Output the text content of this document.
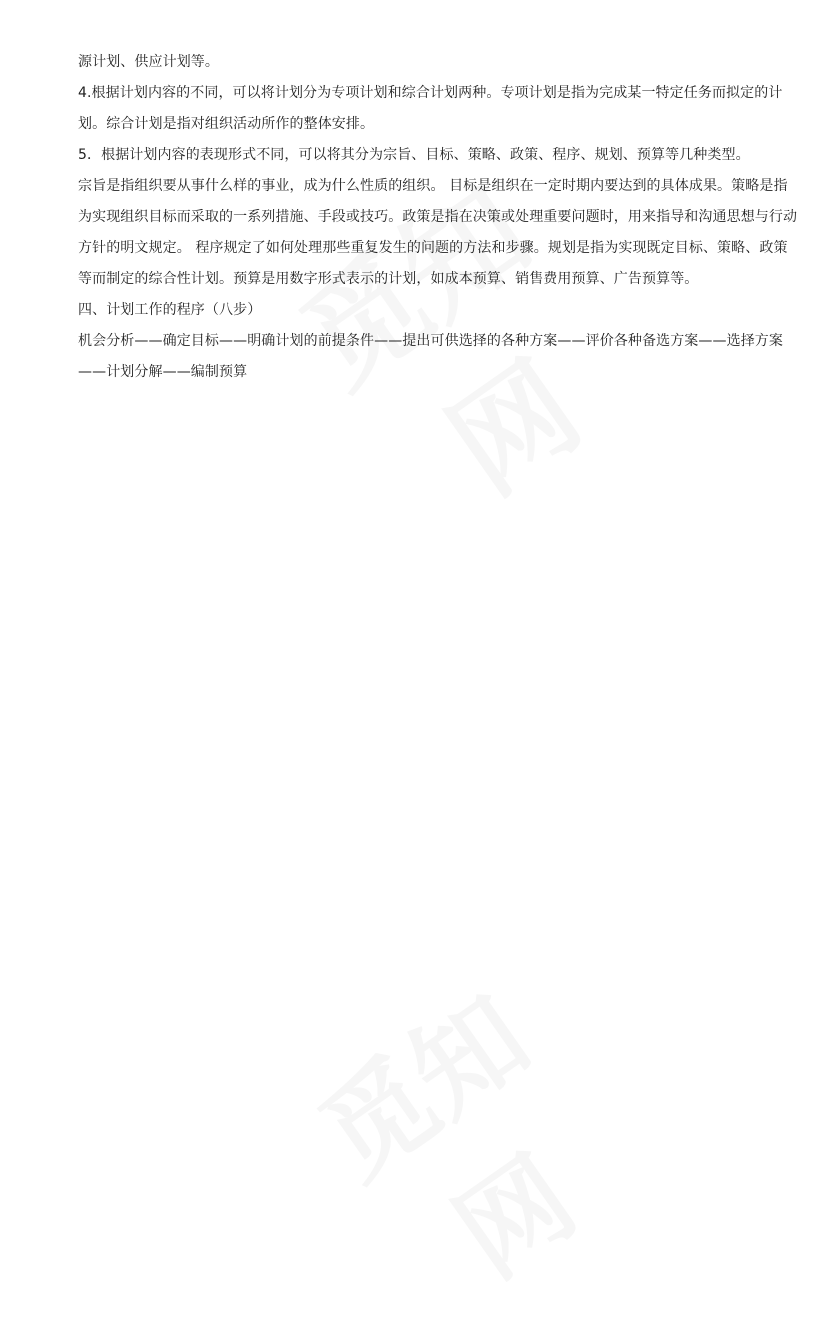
源计划、供应计划等。

4.根据计划内容的不同，可以将计划分为专项计划和综合计划两种。专项计划是指为完成某一特定任务而拟定的计划。综合计划是指对组织活动所作的整体安排。

5．根据计划内容的表现形式不同，可以将其分为宗旨、目标、策略、政策、程序、规划、预算等几种类型。

宗旨是指组织要从事什么样的事业，成为什么性质的组织。 目标是组织在一定时期内要达到的具体成果。策略是指为实现组织目标而采取的一系列措施、手段或技巧。政策是指在决策或处理重要问题时，用来指导和沟通思想与行动方针的明文规定。 程序规定了如何处理那些重复发生的问题的方法和步骤。规划是指为实现既定目标、策略、政策等而制定的综合性计划。预算是用数字形式表示的计划，如成本预算、销售费用预算、广告预算等。

四、计划工作的程序（八步）

机会分析——确定目标——明确计划的前提条件——提出可供选择的各种方案——评价各种备选方案——选择方案——计划分解——编制预算
